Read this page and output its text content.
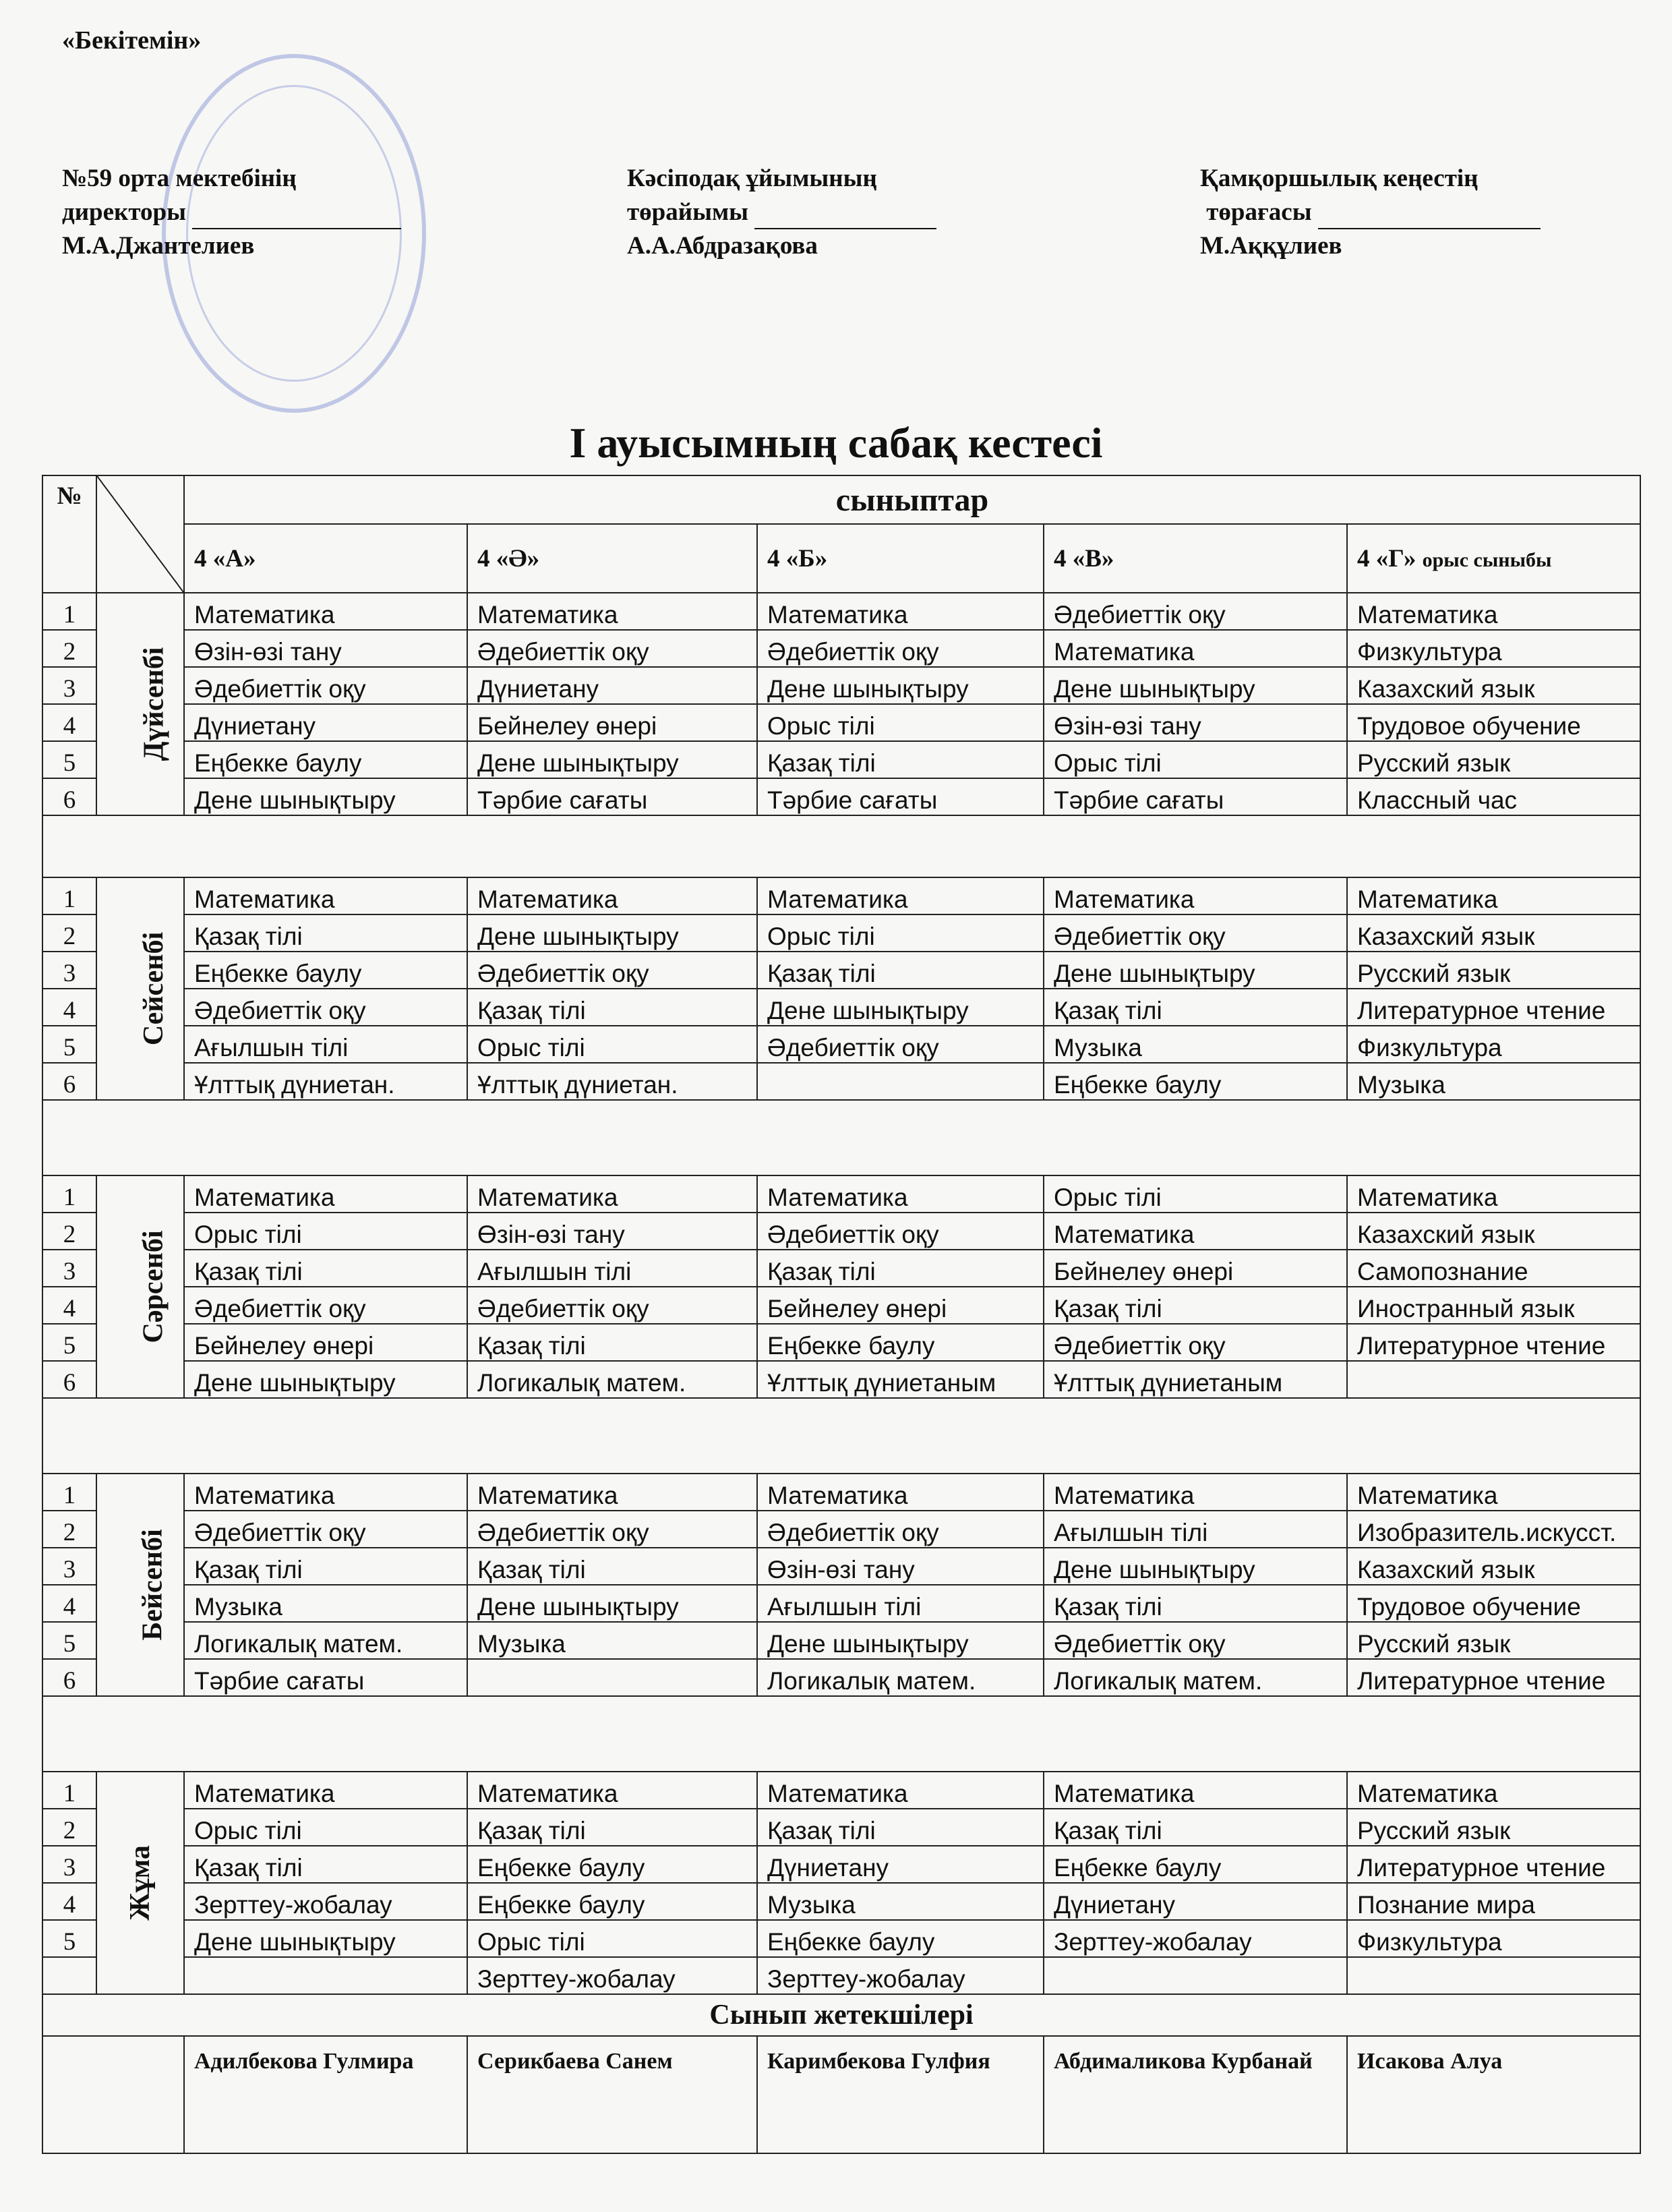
«Бекітемін»
№59 орта мектебінің
директоры
М.А.Джантелиев
Кәсіподақ ұйымының
төрайымы
А.А.Абдразақова
Қамқоршылық кеңестің
төрағасы
М.Аққұлиев
І ауысымның сабақ кестесі
№		сыныптар				
		4 «А»	4 «Ә»	4 «Б»	4 «В»	4 «Г» орыс сыныбы
1	Дүйсенбі	Математика	Математика	Математика	Әдебиеттік оқу	Математика
2		Өзін-өзі тану	Әдебиеттік оқу	Әдебиеттік оқу	Математика	Физкультура
3		Әдебиеттік оқу	Дүниетану	Дене шынықтыру	Дене шынықтыру	Казахский язык
4		Дүниетану	Бейнелеу өнері	Орыс тілі	Өзін-өзі тану	Трудовое обучение
5		Еңбекке баулу	Дене шынықтыру	Қазақ тілі	Орыс тілі	Русский язык
6		Дене шынықтыру	Тәрбие сағаты	Тәрбие сағаты	Тәрбие сағаты	Классный час

1	Сейсенбі	Математика	Математика	Математика	Математика	Математика
2		Қазақ тілі	Дене шынықтыру	Орыс тілі	Әдебиеттік оқу	Казахский язык
3		Еңбекке баулу	Әдебиеттік оқу	Қазақ тілі	Дене шынықтыру	Русский язык
4		Әдебиеттік оқу	Қазақ тілі	Дене шынықтыру	Қазақ тілі	Литературное чтение
5		Ағылшын тілі	Орыс тілі	Әдебиеттік оқу	Музыка	Физкультура
6		Ұлттық дүниетан.	Ұлттық дүниетан.		Еңбекке баулу	Музыка

1	Сәрсенбі	Математика	Математика	Математика	Орыс тілі	Математика
2		Орыс тілі	Өзін-өзі тану	Әдебиеттік оқу	Математика	Казахский язык
3		Қазақ тілі	Ағылшын тілі	Қазақ тілі	Бейнелеу өнері	Самопознание
4		Әдебиеттік оқу	Әдебиеттік оқу	Бейнелеу өнері	Қазақ тілі	Иностранный язык
5		Бейнелеу өнері	Қазақ тілі	Еңбекке баулу	Әдебиеттік оқу	Литературное чтение
6		Дене шынықтыру	Логикалық матем.	Ұлттық дүниетаным	Ұлттық дүниетаным	

1	Бейсенбі	Математика	Математика	Математика	Математика	Математика
2		Әдебиеттік оқу	Әдебиеттік оқу	Әдебиеттік оқу	Ағылшын тілі	Изобразитель.искусст.
3		Қазақ тілі	Қазақ тілі	Өзін-өзі тану	Дене шынықтыру	Казахский язык
4		Музыка	Дене шынықтыру	Ағылшын тілі	Қазақ тілі	Трудовое обучение
5		Логикалық матем.	Музыка	Дене шынықтыру	Әдебиеттік оқу	Русский язык
6		Тәрбие сағаты		Логикалық матем.	Логикалық матем.	Литературное чтение

1	Жұма	Математика	Математика	Математика	Математика	Математика
2		Орыс тілі	Қазақ тілі	Қазақ тілі	Қазақ тілі	Русский язык
3		Қазақ тілі	Еңбекке баулу	Дүниетану	Еңбекке баулу	Литературное чтение
4		Зерттеу-жобалау	Еңбекке баулу	Музыка	Дүниетану	Познание мира
5		Дене шынықтыру	Орыс тілі	Еңбекке баулу	Зерттеу-жобалау	Физкультура
			Зерттеу-жобалау	Зерттеу-жобалау		
Сынып жетекшілері						
		Адилбекова Гулмира	Серикбаева Санем	Каримбекова Гулфия	Абдималикова Курбанай	Исакова Алуа
